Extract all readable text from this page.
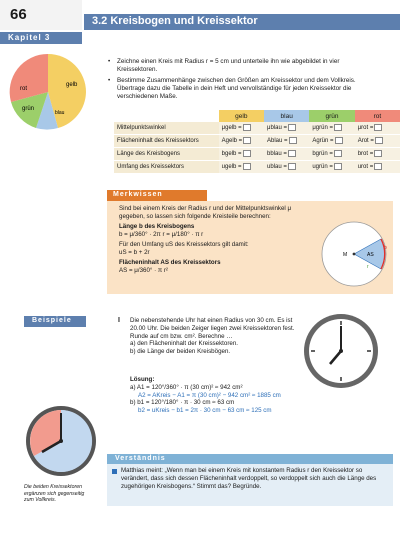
66	3.2 Kreisbogen und Kreissektor
Kapitel 3
rot
gelb
grün
blau
• Zeichne einen Kreis mit Radius r = 5 cm und unterteile ihn wie abgebildet in vier Kreissektoren.
• Bestimme Zusammenhänge zwischen den Größen am Kreissektor und dem Vollkreis. Übertrage dazu die Tabelle in dein Heft und vervollständige für jeden Kreissektor die verschiedenen Maße.
	gelb	blau	grün	rot
Mittelpunktswinkel	μgelb =	μblau =	μgrün =	μrot =
Flächeninhalt des Kreissektors	Agelb =	Ablau =	Agrün =	Arot =
Länge des Kreisbogens	bgelb =	bblau =	bgrün =	brot =
Umfang des Kreissektors	ugelb =	ublau =	ugrün =	urot =
Merkwissen
Sind bei einem Kreis der Radius r und der Mittelpunktswinkel μ gegeben, so lassen sich folgende Kreisteile berechnen:
Länge b des Kreisbogens
b = μ/360° · 2π r = μ/180° · π r
Für den Umfang uS des Kreissektors gilt damit:
uS = b + 2r
Flächeninhalt AS des Kreissektors
AS = μ/360° · π r²
M	AS
b
r
Beispiele	I Die nebenstehende Uhr hat einen Radius von 30 cm. Es ist 20.00 Uhr. Die beiden Zeiger liegen zwei Kreissektoren fest. Runde auf cm bzw. cm². Berechne …
a) den Flächeninhalt der Kreissektoren.
b) die Länge der beiden Kreisbögen.
Lösung:
a) A1 = 120°/360° · π (30 cm)² ≈ 942 cm²
A2 = AKreis − A1 = π (30 cm)² − 942 cm² ≈ 1885 cm
b) b1 = 120°/180° · π · 30 cm ≈ 63 cm
b2 = uKreis − b1 = 2π · 30 cm − 63 cm ≈ 125 cm
Die beiden Kreissektoren ergänzen sich gegenseitig zum Vollkreis.
Verständnis
Matthias meint: „Wenn man bei einem Kreis mit konstantem Radius r den Kreissektor so verändert, dass sich dessen Flächeninhalt verdoppelt, so verdoppelt sich auch die Länge des zugehörigen Kreisbogens.“ Stimmt das? Begründe.
